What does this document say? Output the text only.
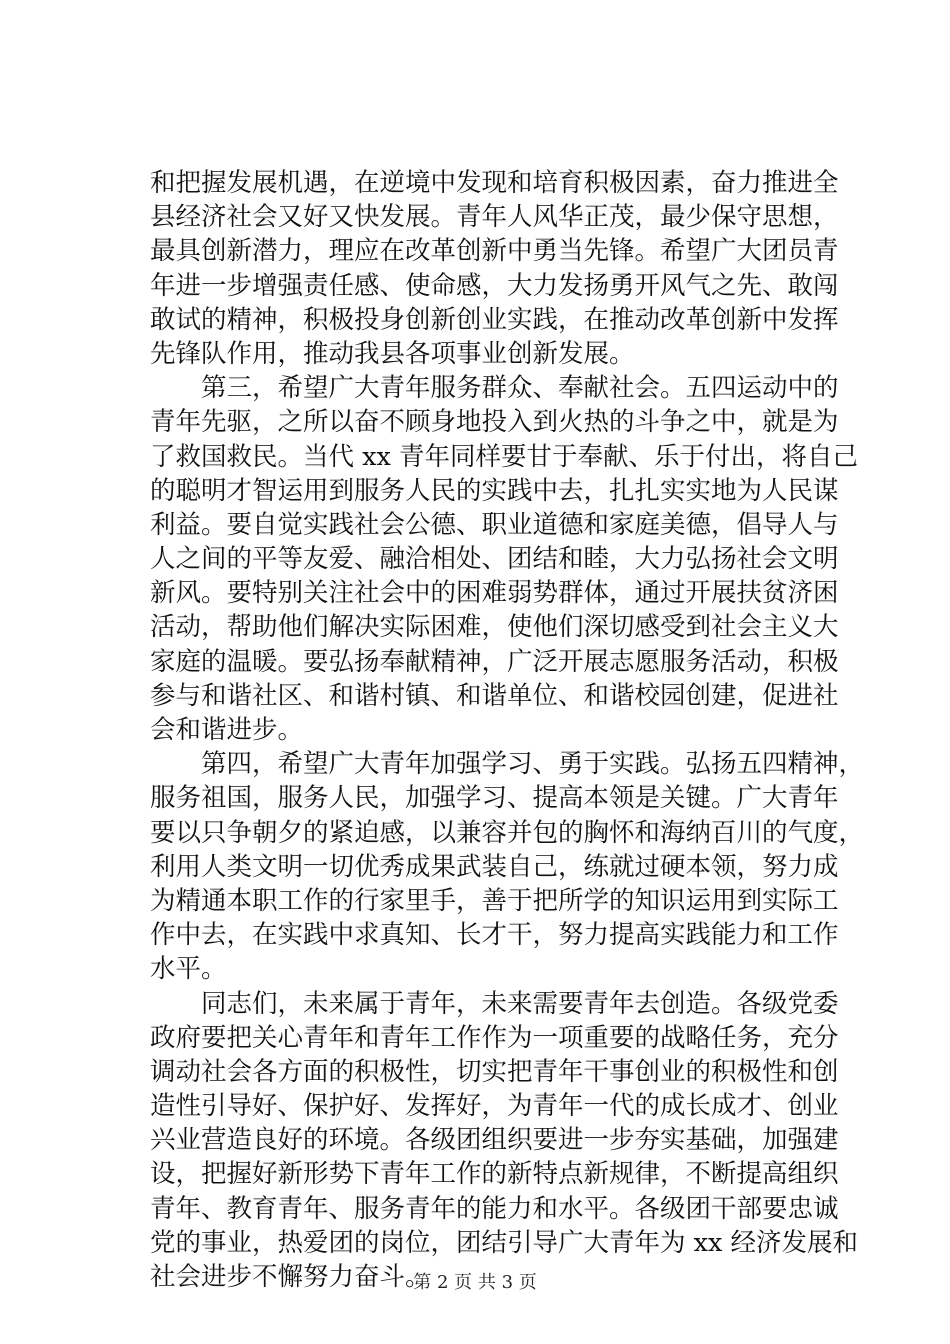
和把握发展机遇，在逆境中发现和培育积极因素，奋力推进全
县经济社会又好又快发展。青年人风华正茂，最少保守思想，
最具创新潜力，理应在改革创新中勇当先锋。希望广大团员青
年进一步增强责任感、使命感，大力发扬勇开风气之先、敢闯
敢试的精神，积极投身创新创业实践，在推动改革创新中发挥
先锋队作用，推动我县各项事业创新发展。
　　第三，希望广大青年服务群众、奉献社会。五四运动中的
青年先驱，之所以奋不顾身地投入到火热的斗争之中，就是为
了救国救民。当代 xx 青年同样要甘于奉献、乐于付出，将自己
的聪明才智运用到服务人民的实践中去，扎扎实实地为人民谋
利益。要自觉实践社会公德、职业道德和家庭美德，倡导人与
人之间的平等友爱、融洽相处、团结和睦，大力弘扬社会文明
新风。要特别关注社会中的困难弱势群体，通过开展扶贫济困
活动，帮助他们解决实际困难，使他们深切感受到社会主义大
家庭的温暖。要弘扬奉献精神，广泛开展志愿服务活动，积极
参与和谐社区、和谐村镇、和谐单位、和谐校园创建，促进社
会和谐进步。
　　第四，希望广大青年加强学习、勇于实践。弘扬五四精神，
服务祖国，服务人民，加强学习、提高本领是关键。广大青年
要以只争朝夕的紧迫感，以兼容并包的胸怀和海纳百川的气度，
利用人类文明一切优秀成果武装自己，练就过硬本领，努力成
为精通本职工作的行家里手，善于把所学的知识运用到实际工
作中去，在实践中求真知、长才干，努力提高实践能力和工作
水平。
　　同志们，未来属于青年，未来需要青年去创造。各级党委
政府要把关心青年和青年工作作为一项重要的战略任务，充分
调动社会各方面的积极性，切实把青年干事创业的积极性和创
造性引导好、保护好、发挥好，为青年一代的成长成才、创业
兴业营造良好的环境。各级团组织要进一步夯实基础，加强建
设，把握好新形势下青年工作的新特点新规律，不断提高组织
青年、教育青年、服务青年的能力和水平。各级团干部要忠诚
党的事业，热爱团的岗位，团结引导广大青年为 xx 经济发展和
社会进步不懈努力奋斗。
第 2 页 共 3 页
